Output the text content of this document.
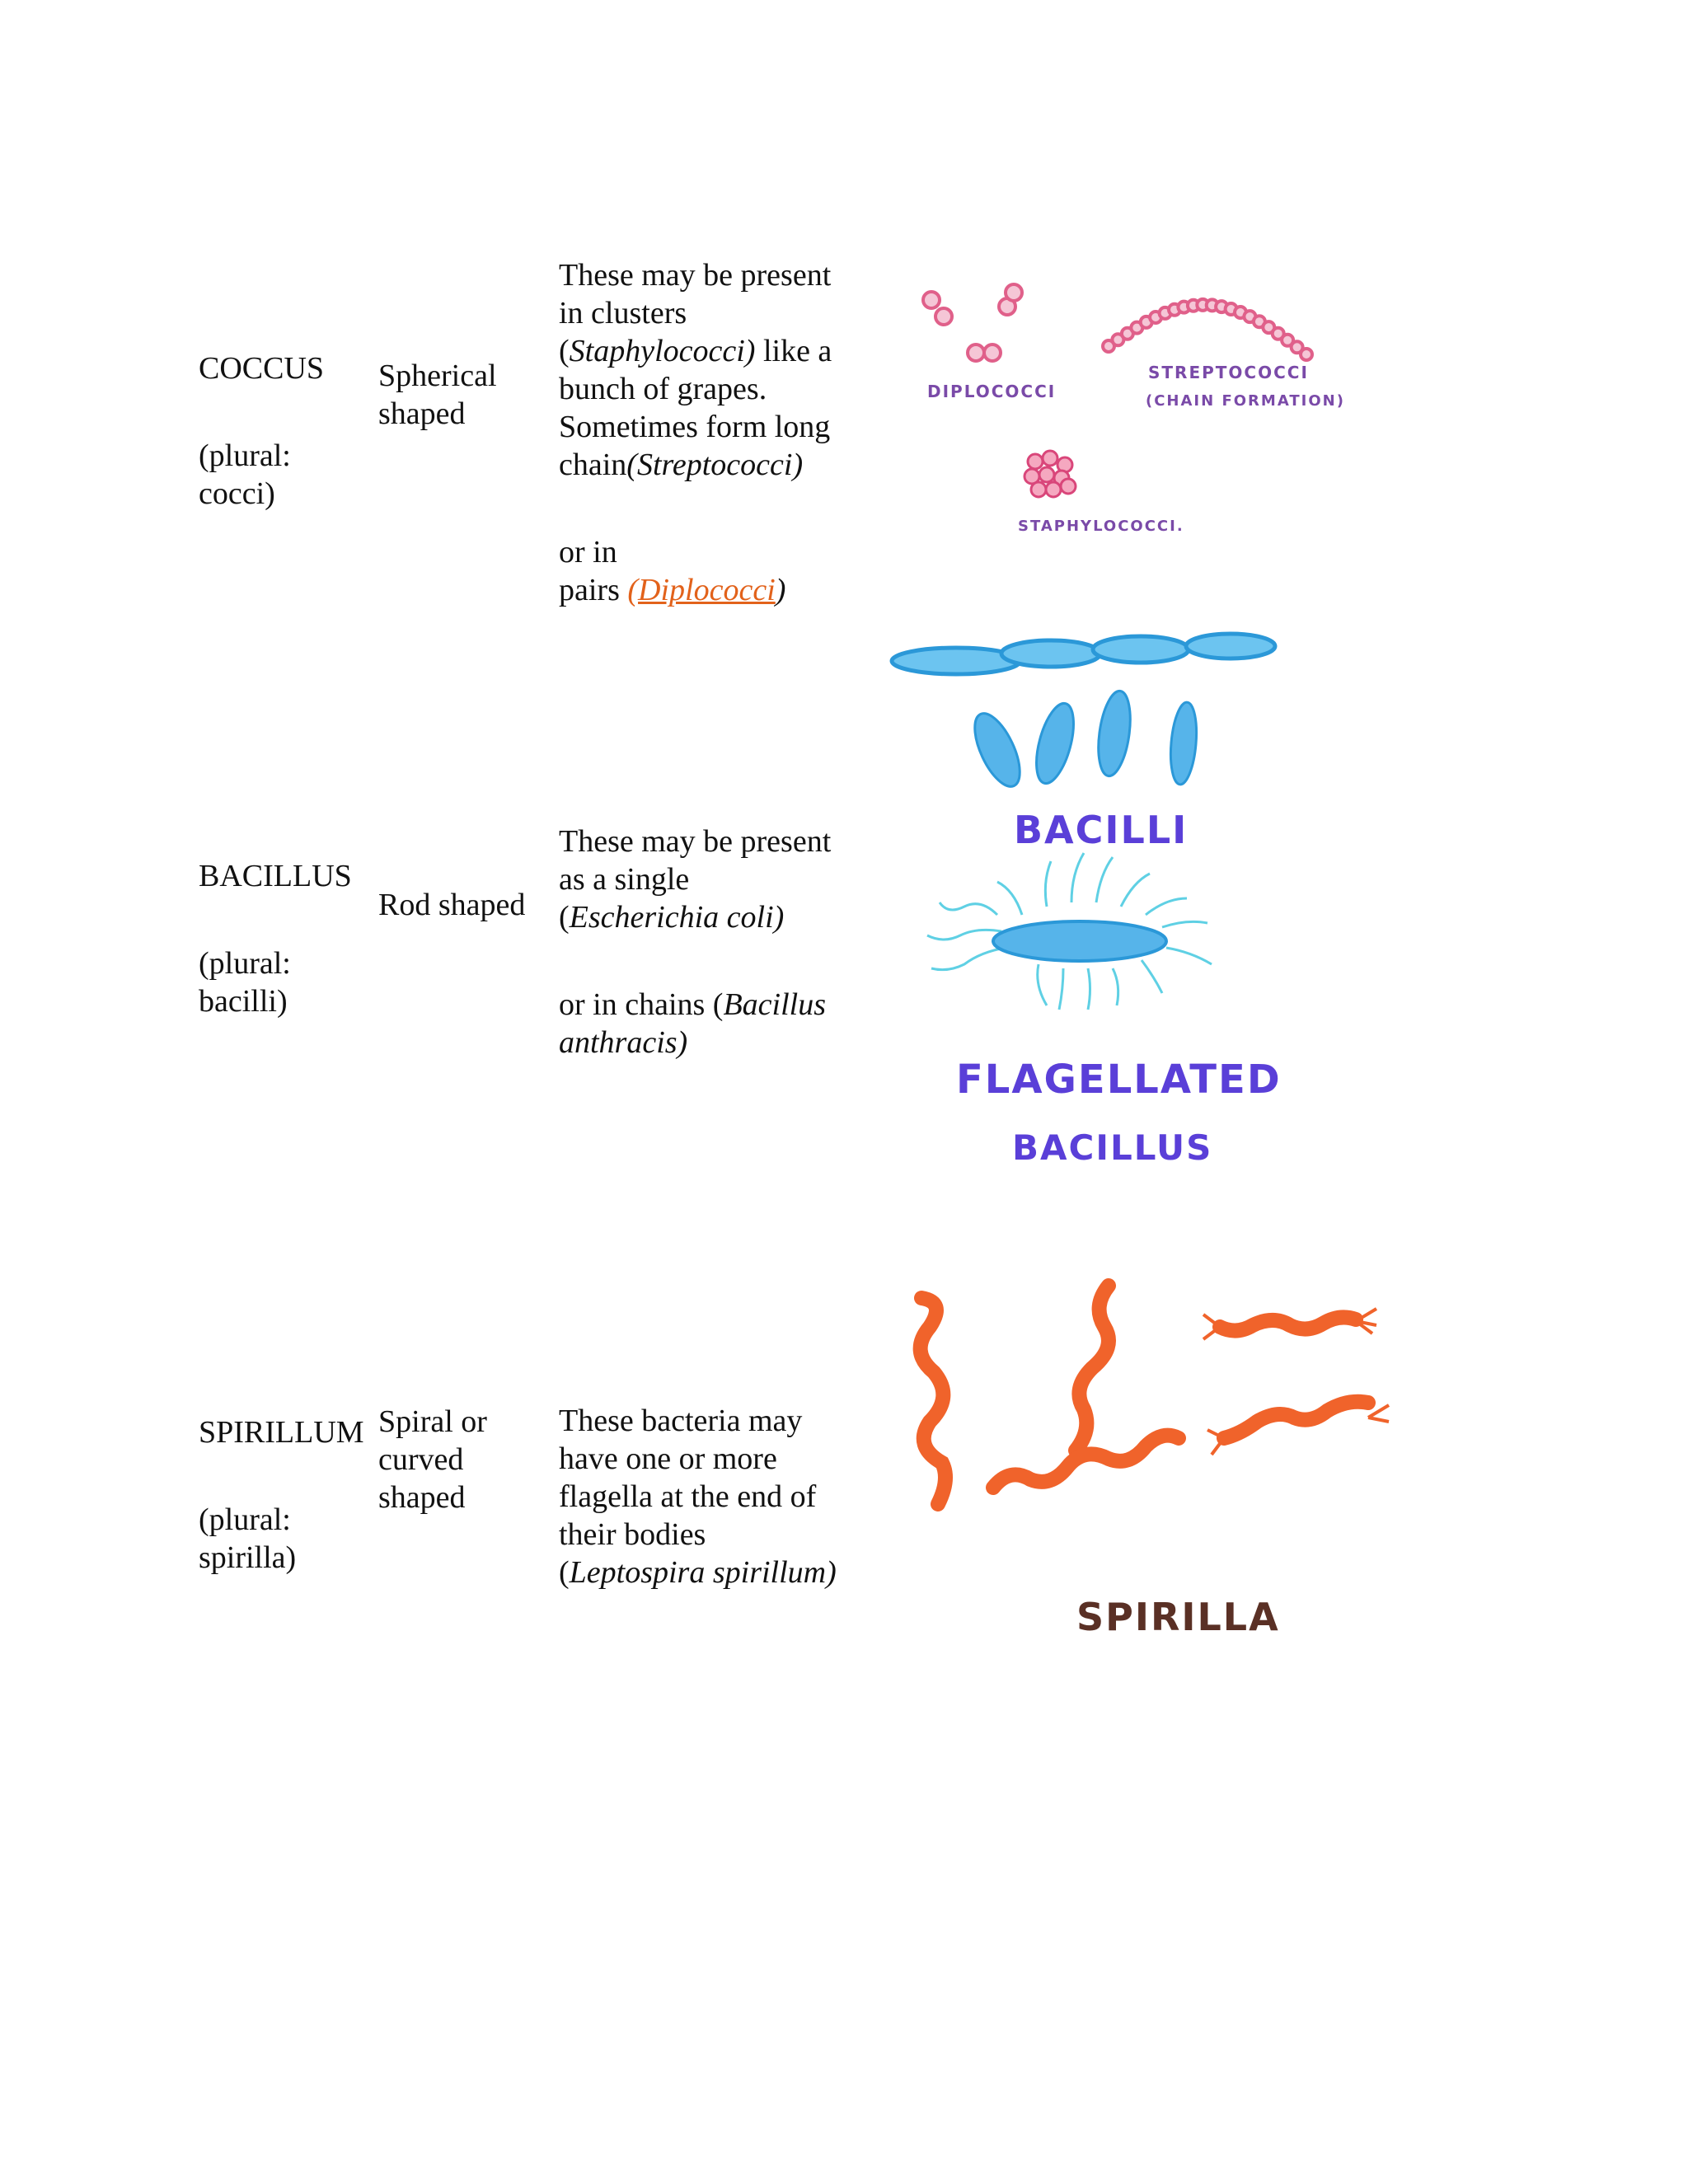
COCCUS

(plural:
cocci)

Spherical
shaped

These may be present
in clusters
(Staphylococci) like a
bunch of grapes.
Sometimes form long
chain(Streptococci)

or in
pairs (Diplococci)

BACILLUS

(plural:
bacilli)

Rod shaped

These may be present
as a single
(Escherichia coli)

or in chains (Bacillus
anthracis)

SPIRILLUM

(plural:
spirilla)

Spiral or
curved
shaped

These bacteria may
have one or more
flagella at the end of
their bodies
(Leptospira spirillum)

DIPLOCOCCI
STREPTOCOCCI
(CHAIN FORMATION)
STAPHYLOCOCCI.
BACILLI
FLAGELLATED
BACILLUS
SPIRILLA
